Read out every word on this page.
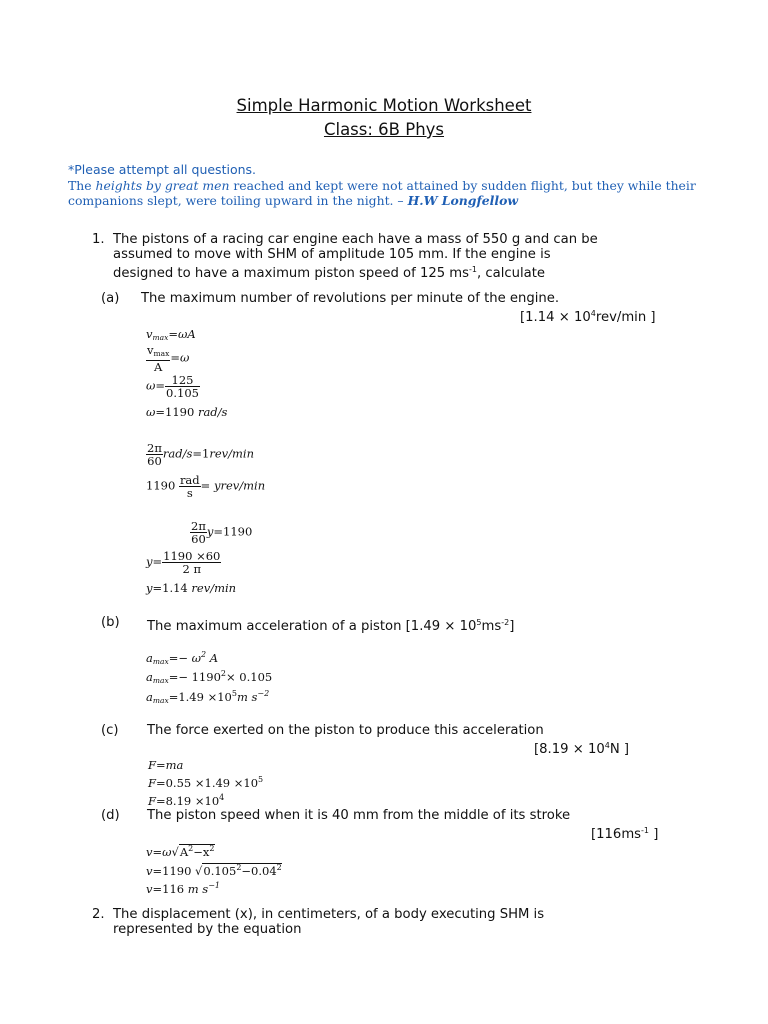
Simple Harmonic Motion Worksheet
Class: 6B Phys
*Please attempt all questions.
The heights by great men reached and kept were not attained by sudden flight, but they while their
companions slept, were toiling upward in the night. – H.W Longfellow
1. The pistons of a racing car engine each have a mass of 550 g and can be
assumed to move with SHM of amplitude 105 mm. If the engine is
designed to have a maximum piston speed of 125 $ms^{-1}$, calculate
(a) The maximum number of revolutions per minute of the engine.
[$1.14 \times 10^4rev/\min$ ]
$v_{max}=\omega A$
$\frac{v_{max}}{A} =\omega$
$\omega= \frac{125}{0.105}$
ω=1190 rad/s
$\frac{2\pi}{60} rad/s=1rev/\min$
$1190 \frac{\text{rad}}{s}$ = yrev/min
$\frac{2\pi}{60} y=1190$
$y= \frac{1190 \times 60}{2 \pi}$
y=1.14 rev/min
(b) The maximum acceleration of a piston $[1.49 \times 10^5ms^{-2}]$
$a_{max}=- \omega^2$ A
$a_{max}=- 1190^2\times 0.105$
$a_{max}=1.49 \times 10^5m$ $s^{-2}$
(c) The force exerted on the piston to produce this acceleration
[$8.19 \times 10^4N$ ]
F=ma
$F=0.55 \times 1.49 \times 10^5$
$F=8.19 \times 10^4$
(d) The piston speed when it is 40 mm from the middle of its stroke
[$116ms^{-1}$ ]
$v=\omega√A^2-x^2$
v=1190 $√0.105^2-0.04^2$
v=116 m $s^{-1}$
2. The displacement (x), in centimeters, of a body executing SHM is
represented by the equation
